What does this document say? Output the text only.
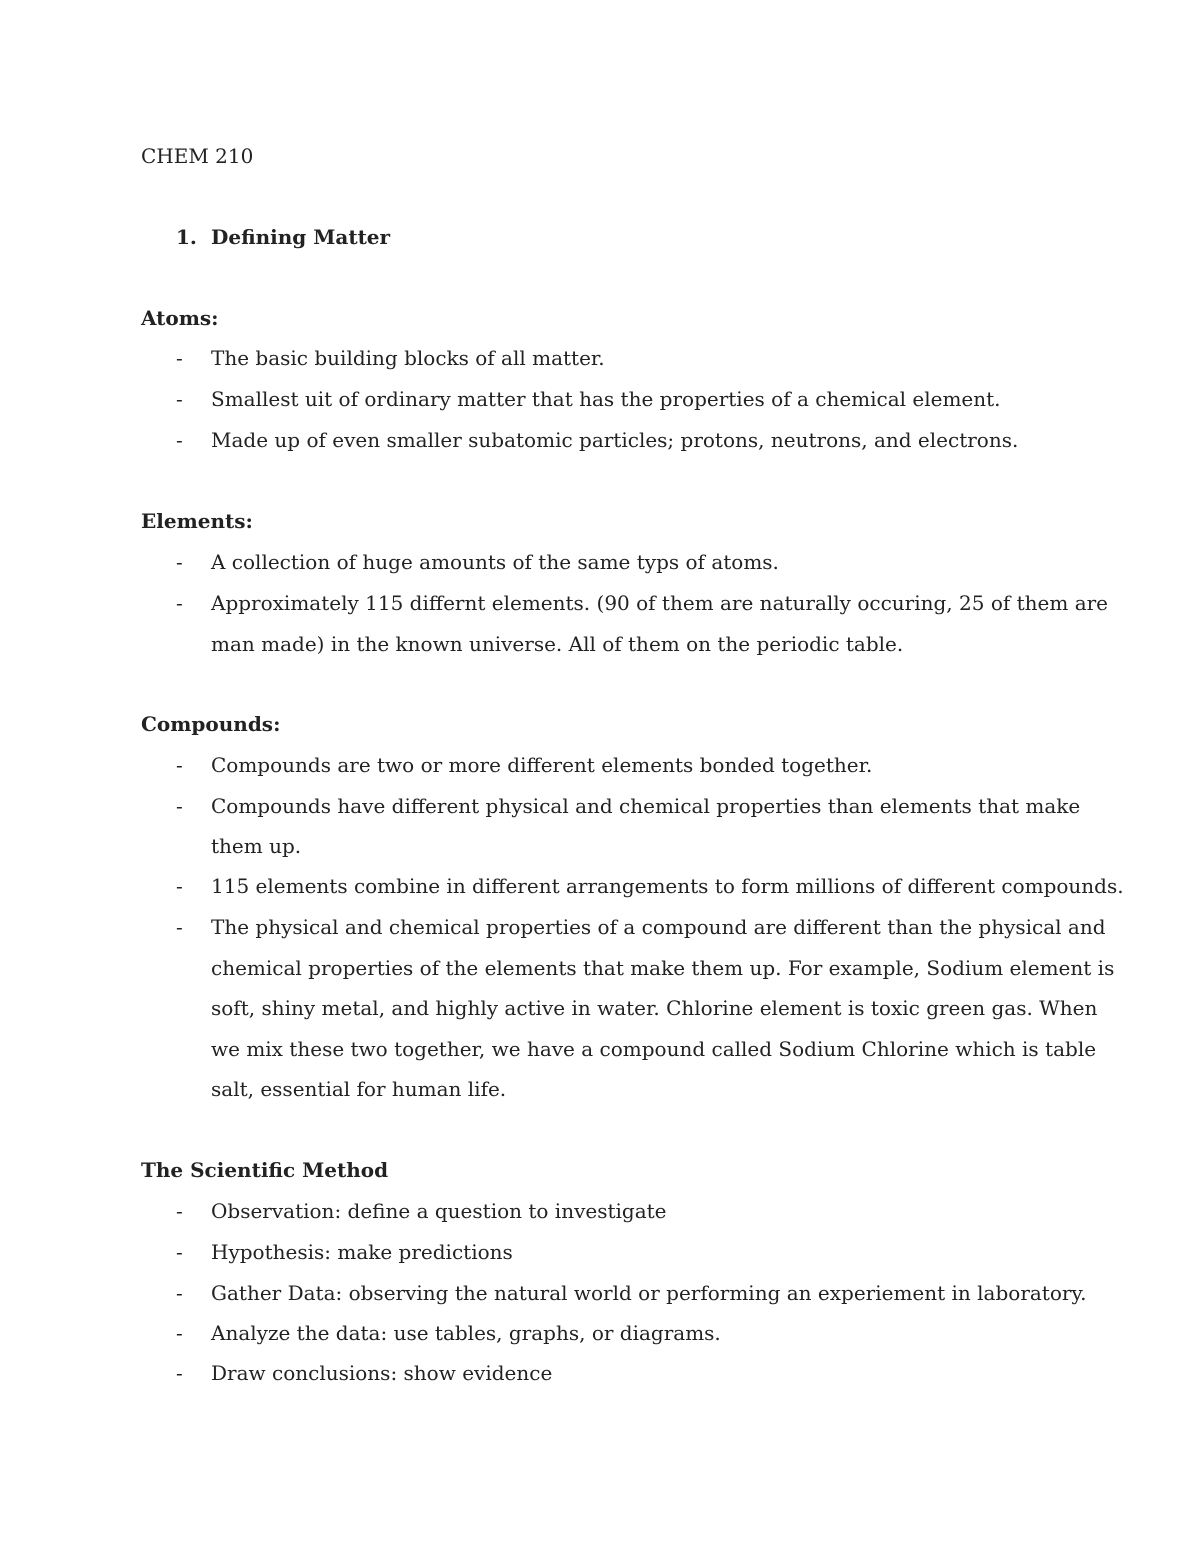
CHEM 210
1. Defining Matter
Atoms:
- The basic building blocks of all matter.
- Smallest uit of ordinary matter that has the properties of a chemical element.
- Made up of even smaller subatomic particles; protons, neutrons, and electrons.
Elements:
- A collection of huge amounts of the same typs of atoms.
- Approximately 115 differnt elements. (90 of them are naturally occuring, 25 of them are
man made) in the known universe. All of them on the periodic table.
Compounds:
- Compounds are two or more different elements bonded together.
- Compounds have different physical and chemical properties than elements that make
them up.
- 115 elements combine in different arrangements to form millions of different compounds.
- The physical and chemical properties of a compound are different than the physical and
chemical properties of the elements that make them up. For example, Sodium element is
soft, shiny metal, and highly active in water. Chlorine element is toxic green gas. When
we mix these two together, we have a compound called Sodium Chlorine which is table
salt, essential for human life.
The Scientific Method
- Observation: define a question to investigate
- Hypothesis: make predictions
- Gather Data: observing the natural world or performing an experiement in laboratory.
- Analyze the data: use tables, graphs, or diagrams.
- Draw conclusions: show evidence
